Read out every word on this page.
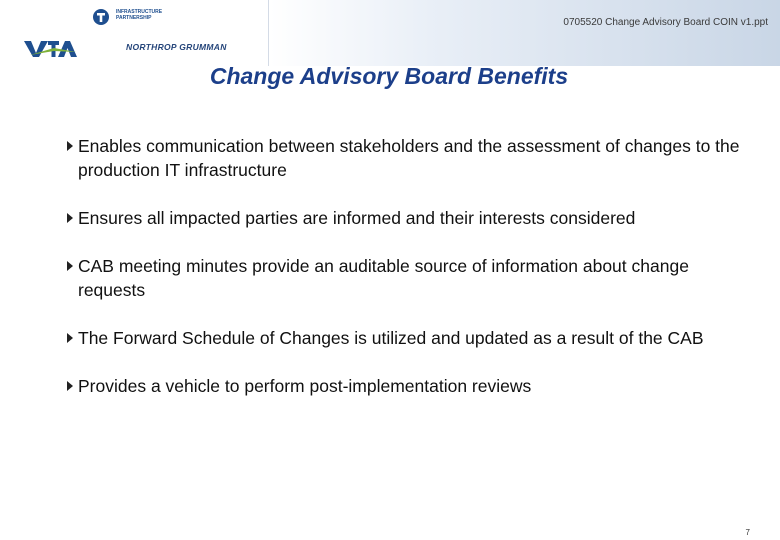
INFRASTRUCTURE PARTNERSHIP
NORTHROP GRUMMAN
0705520 Change Advisory Board COIN v1.ppt
Change Advisory Board Benefits
Enables communication between stakeholders and the assessment of changes to the production IT infrastructure
Ensures all impacted parties are informed and their interests considered
CAB meeting minutes provide an auditable source of information about change requests
The Forward Schedule of Changes is utilized and updated as a result of the CAB
Provides a vehicle to perform post-implementation reviews
7
